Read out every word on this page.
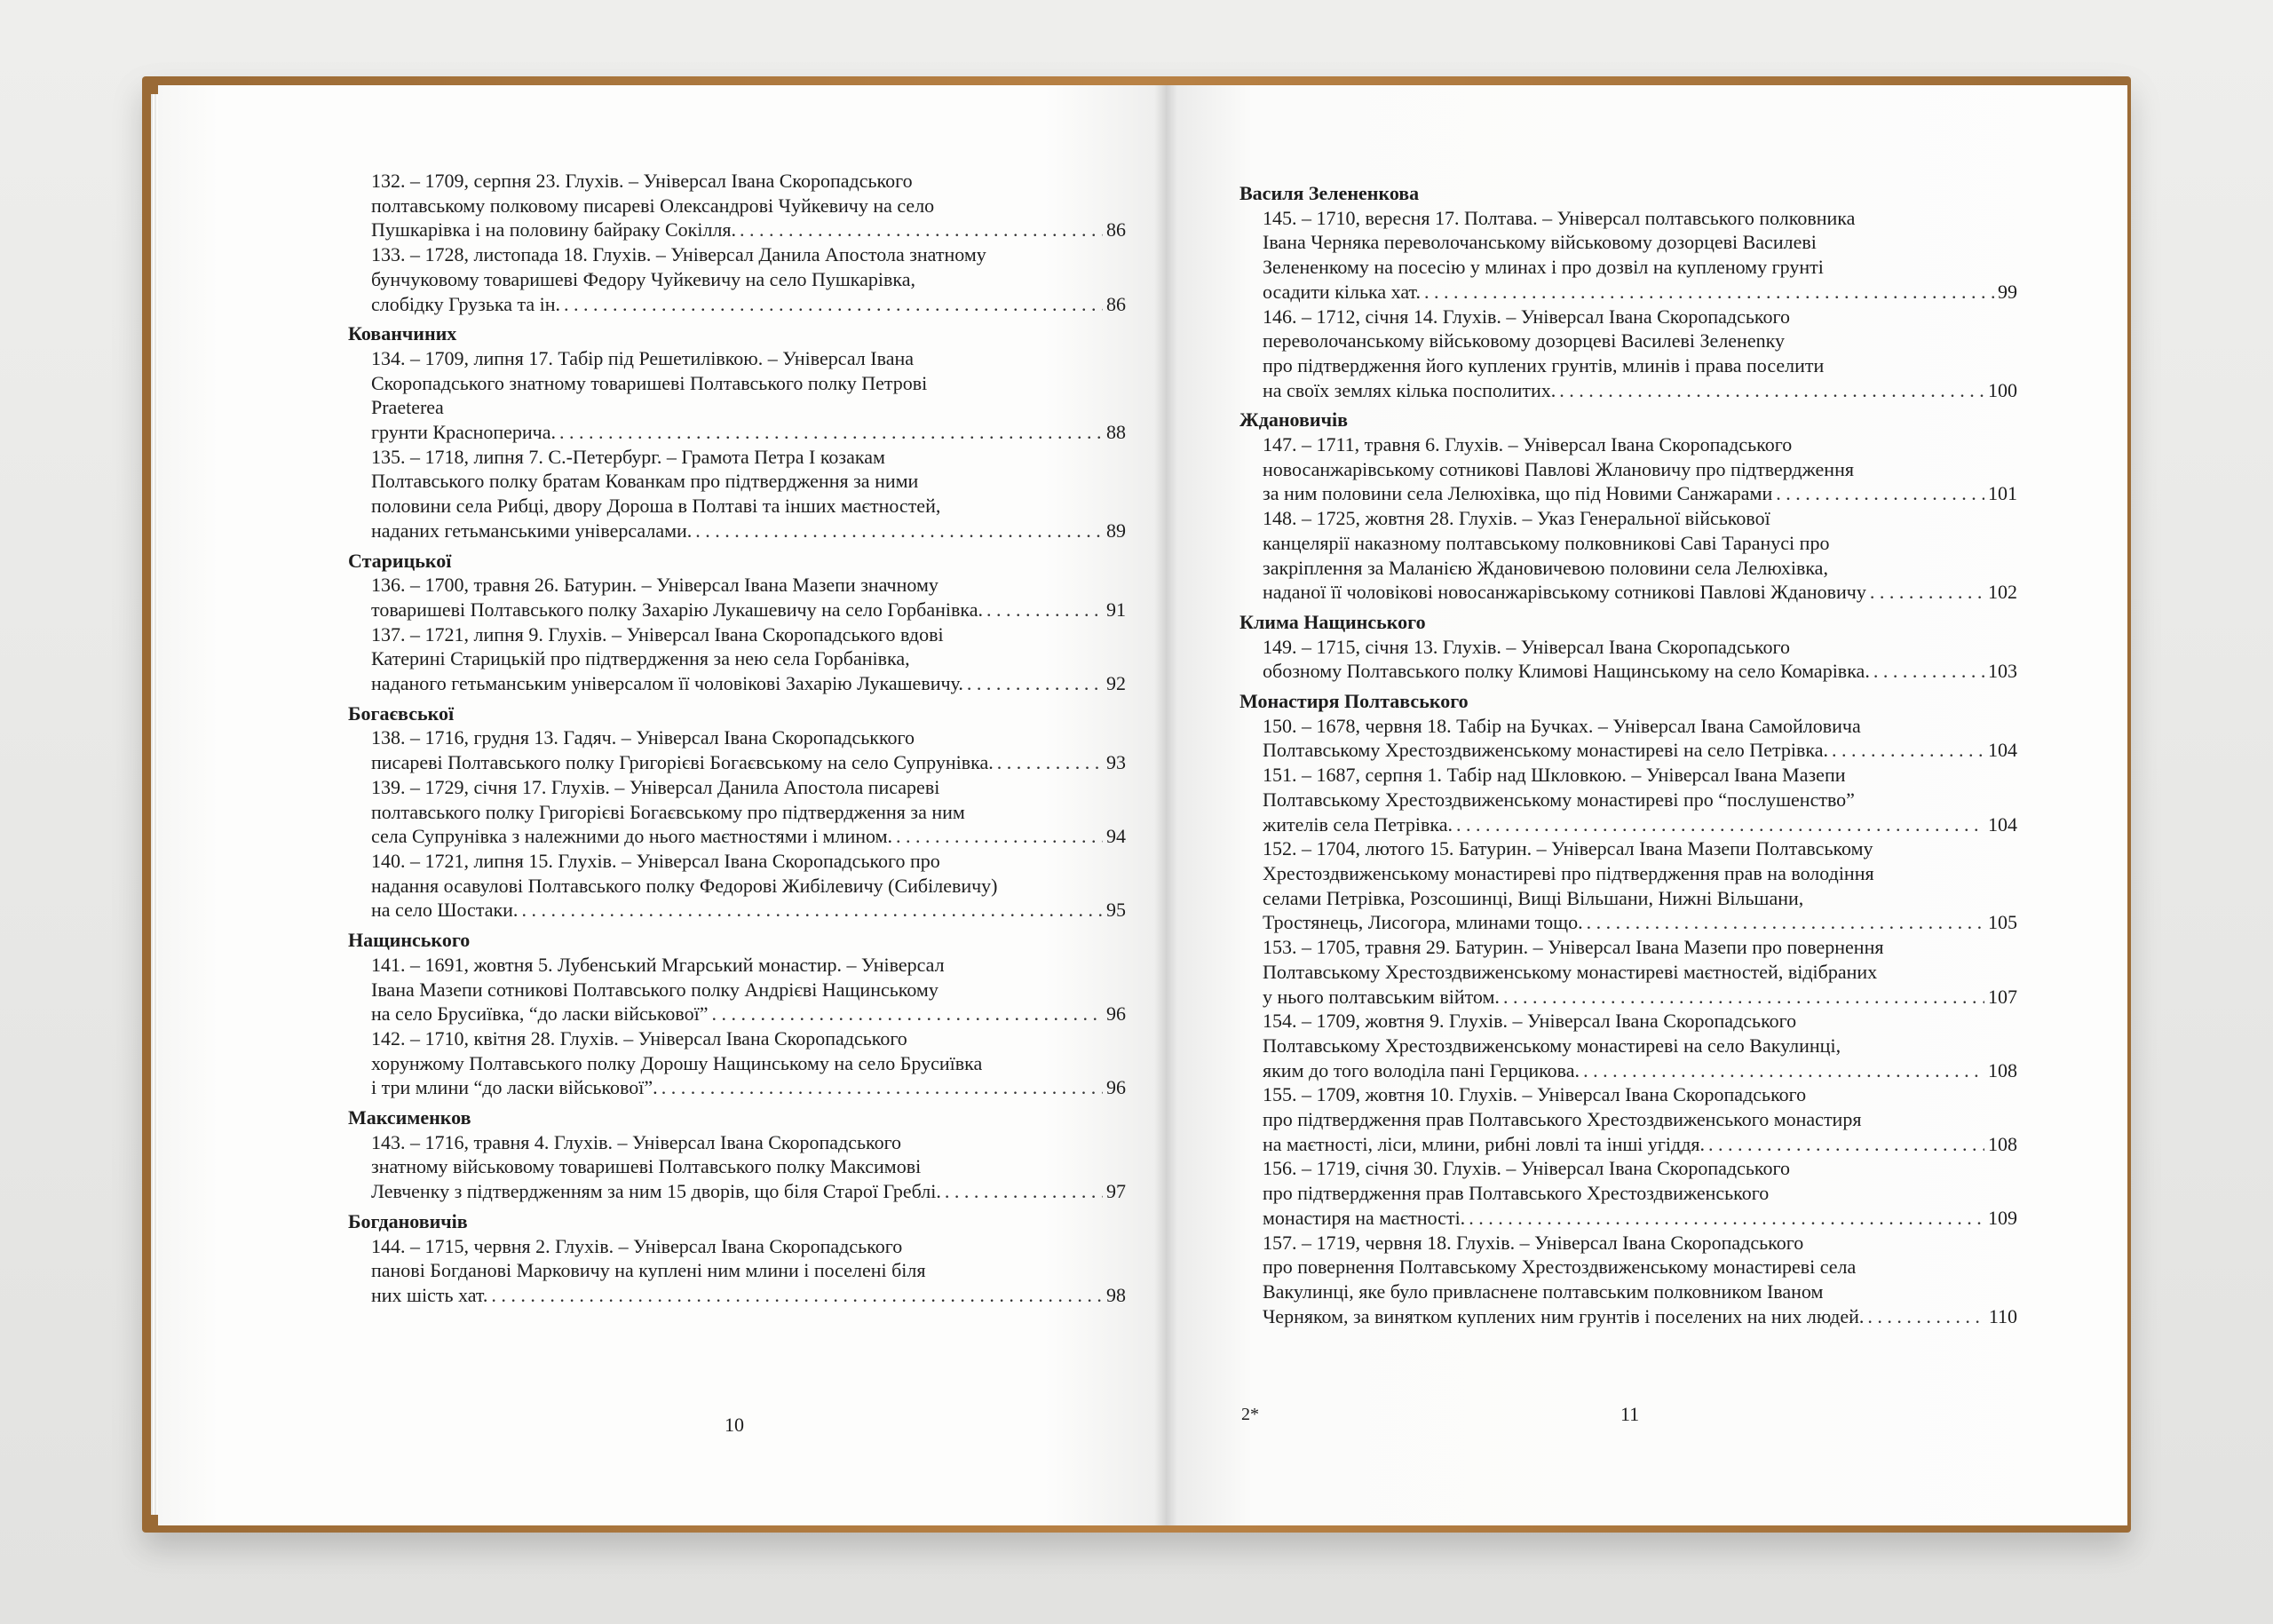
132. – 1709, серпня 23. Глухів. – Універсал Івана Скоропадського
полтавському полковому писареві Олександрові Чуйкевичу на село
Пушкарівка і на половину байраку Сокілля. . . .	86
133. – 1728, листопада 18. Глухів. – Універсал Данила Апостола знатному
бунчуковому товаришеві Федору Чуйкевичу на село Пушкарівка,
слобідку Грузька та ін. . . .	86
Кованчиних
134. – 1709, липня 17. Табір під Решетилівкою. – Універсал Івана
Скоропадського знатному товаришеві Полтавського полку Петрові
Praeterea
грунти Красноперича. . . .	88
135. – 1718, липня 7. С.-Петербург. – Грамота Петра І козакам
Полтавського полку братам Кованкам про підтвердження за ними
половини села Рибці, двору Дороша в Полтаві та інших маєтностей,
наданих гетьманськими універсалами. . . .	89
Старицької
136. – 1700, травня 26. Батурин. – Універсал Івана Мазепи значному
товаришеві Полтавського полку Захарію Лукашевичу на село Горбанівка. . . .	91
137. – 1721, липня 9. Глухів. – Універсал Івана Скоропадського вдові
Катерині Старицькій про підтвердження за нею села Горбанівка,
наданого гетьманським універсалом її чоловікові Захарію Лукашевичу. . . .	92
Богаєвської
138. – 1716, грудня 13. Гадяч. – Універсал Івана Скоропадськкого
писареві Полтавського полку Григорієві Богаєвському на село Супрунівка. . . .	93
139. – 1729, січня 17. Глухів. – Універсал Данила Апостола писареві
полтавського полку Григорієві Богаєвському про підтвердження за ним
села Супрунівка з належними до нього маєтностями і млином. . . .	94
140. – 1721, липня 15. Глухів. – Універсал Івана Скоропадського про
надання осавулові Полтавського полку Федорові Жибілевичу (Сибілевичу)
на село Шостаки. . . .	95
Нащинського
141. – 1691, жовтня 5. Лубенський Мгарський монастир. – Універсал
Івана Мазепи сотникові Полтавського полку Андрієві Нащинському
на село Брусиївка, “до ласки військової” . . .	96
142. – 1710, квітня 28. Глухів. – Універсал Івана Скоропадського
хорунжому Полтавського полку Дорошу Нащинському на село Брусиївка
і три млини “до ласки військової”. . . .	96
Максименков
143. – 1716, травня 4. Глухів. – Універсал Івана Скоропадського
знатному військовому товаришеві Полтавського полку Максимові
Левченку з підтвердженням за ним 15 дворів, що біля Старої Греблі. . . .	97
Богдановичів
144. – 1715, червня 2. Глухів. – Універсал Івана Скоропадського
панові Богданові Марковичу на куплені ним млини і поселені біля
них шість хат. . . .	98
Василя Зелененкова
145. – 1710, вересня 17. Полтава. – Універсал полтавського полковника
Івана Черняка переволочанському військовому дозорцеві Василеві
Зелененкому на посесію у млинах і про дозвіл на купленому грунті
осадити кілька хат. . . .	99
146. – 1712, січня 14. Глухів. – Універсал Івана Скоропадського
переволочанському військовому дозорцеві Василеві Зеленenку
про підтвердження його куплених грунтів, млинів і права поселити
на своїх землях кілька посполитих. . . .	100
Ждановичів
147. – 1711, травня 6. Глухів. – Універсал Івана Скоропадського
новосанжарівському сотникові Павлові Жлановичу про підтвердження
за ним половини села Лелюхівка, що під Новими Санжарами . . .	101
148. – 1725, жовтня 28. Глухів. – Указ Генеральної військової
канцелярії наказному полтавському полковникові Саві Таранусі про
закріплення за Маланією Ждановичевою половини села Лелюхівка,
наданої її чоловікові новосанжарівському сотникові Павлові Ждановичу . . .	102
Клима Нащинського
149. – 1715, січня 13. Глухів. – Універсал Івана Скоропадського
обозному Полтавського полку Климові Нащинському на село Комарівка. . . .	103
Монастиря Полтавського
150. – 1678, червня 18. Табір на Бучках. – Універсал Івана Самойловича
Полтавському Хрестоздвиженському монастиреві на село Петрівка. . . .	104
151. – 1687, серпня 1. Табір над Шкловкою. – Універсал Івана Мазепи
Полтавському Хрестоздвиженському монастиреві про “послушенство”
жителів села Петрівка. . . .	104
152. – 1704, лютого 15. Батурин. – Універсал Івана Мазепи Полтавському
Хрестоздвиженському монастиреві про підтвердження прав на володіння
селами Петрівка, Розсошинці, Вищі Вільшани, Нижні Вільшани,
Тростянець, Лисогора, млинами тощо. . . .	105
153. – 1705, травня 29. Батурин. – Універсал Івана Мазепи про повернення
Полтавському Хрестоздвиженському монастиреві маєтностей, відібраних
у нього полтавським війтом. . . .	107
154. – 1709, жовтня 9. Глухів. – Універсал Івана Скоропадського
Полтавському Хрестоздвиженському монастиреві на село Вакулинці,
яким до того володіла пані Герцикова. . . .	108
155. – 1709, жовтня 10. Глухів. – Універсал Івана Скоропадського
про підтвердження прав Полтавського Хрестоздвиженського монастиря
на маєтності, ліси, млини, рибні ловлі та інші угіддя. . . .	108
156. – 1719, січня 30. Глухів. – Універсал Івана Скоропадського
про підтвердження прав Полтавського Хрестоздвиженського
монастиря на маєтності. . . .	109
157. – 1719, червня 18. Глухів. – Універсал Івана Скоропадського
про повернення Полтавському Хрестоздвиженському монастиреві села
Вакулинці, яке було привласнене полтавським полковником Іваном
Черняком, за винятком куплених ним грунтів і поселених на них людей. . . .	110
10	11
2*
